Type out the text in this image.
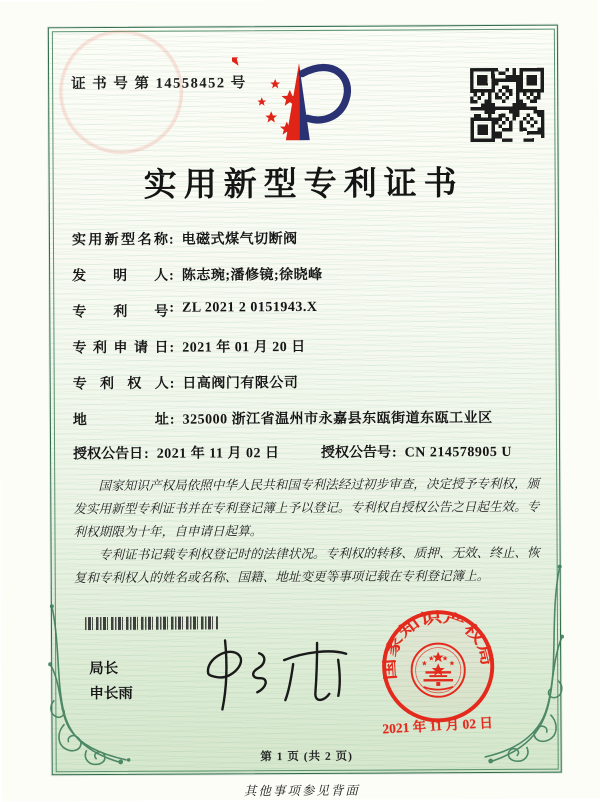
证 书 号 第 14558452 号
实用新型专利证书
实用新型名称: 电磁式煤气切断阀
发明人: 陈志琬;潘修镜;徐晓峰
专利号: ZL 2021 2 0151943.X
专利申请日: 2021 年 01 月 20 日
专利权人: 日高阀门有限公司
地址: 325000 浙江省温州市永嘉县东瓯街道东瓯工业区
授权公告日: 2021 年 11 月 02 日	授权公告号: CN 214578905 U

国家知识产权局依照中华人民共和国专利法经过初步审查，决定授予专利权，颁发实用新型专利证书并在专利登记簿上予以登记。专利权自授权公告之日起生效。专利权期限为十年，自申请日起算。

专利证书记载专利权登记时的法律状况。专利权的转移、质押、无效、终止、恢复和专利权人的姓名或名称、国籍、地址变更等事项记载在专利登记簿上。

局长
申长雨
国家知识产权局
2021 年 11 月 02 日
第 1 页 (共 2 页)
其他事项参见背面
